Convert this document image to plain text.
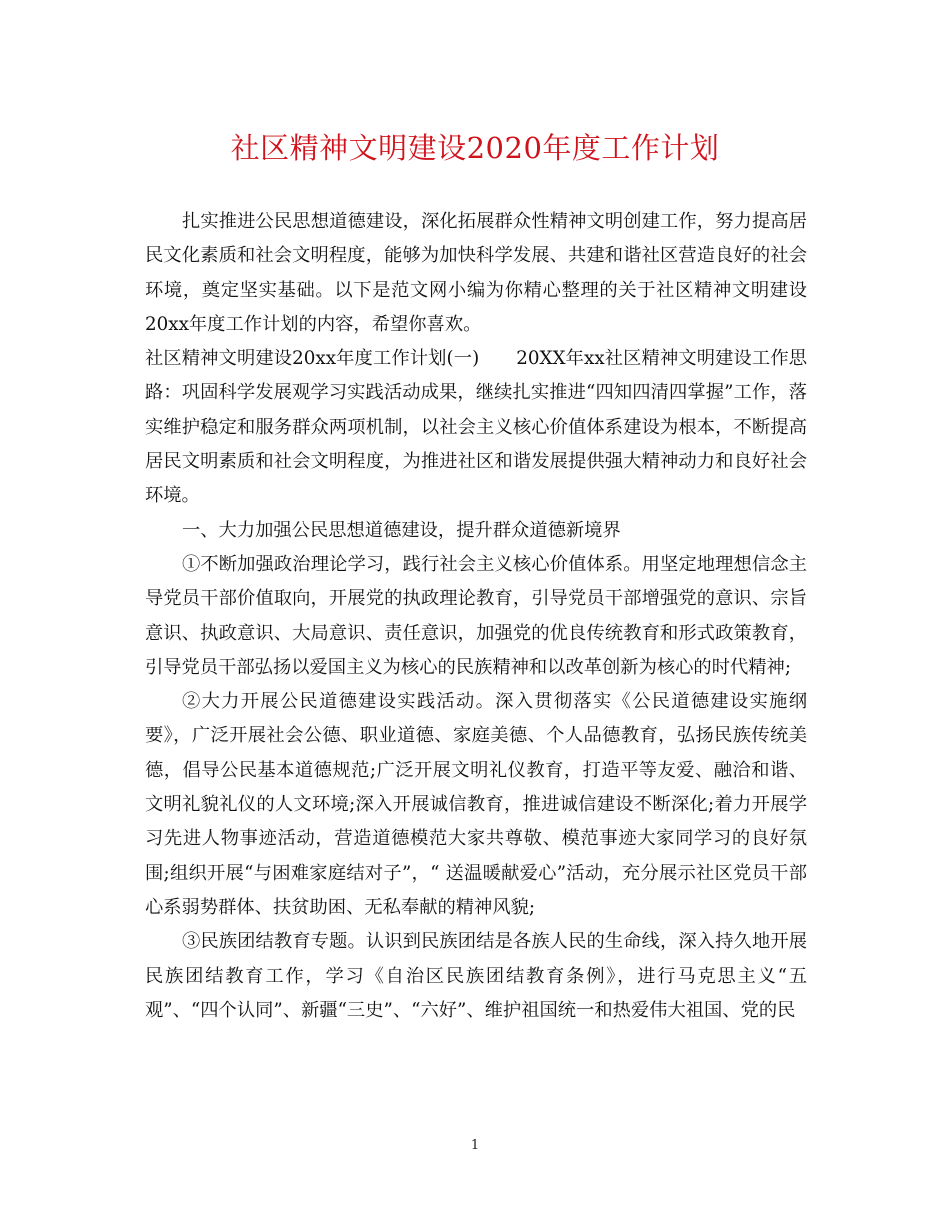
社区精神文明建设2020年度工作计划

扎实推进公民思想道德建设，深化拓展群众性精神文明创建工作，努力提高居民文化素质和社会文明程度，能够为加快科学发展、共建和谐社区营造良好的社会环境，奠定坚实基础。以下是范文网小编为你精心整理的关于社区精神文明建设20xx年度工作计划的内容，希望你喜欢。

社区精神文明建设20xx年度工作计划(一)　　20XX年xx社区精神文明建设工作思路：巩固科学发展观学习实践活动成果，继续扎实推进“四知四清四掌握”工作，落实维护稳定和服务群众两项机制，以社会主义核心价值体系建设为根本，不断提高居民文明素质和社会文明程度，为推进社区和谐发展提供强大精神动力和良好社会环境。

一、大力加强公民思想道德建设，提升群众道德新境界

①不断加强政治理论学习，践行社会主义核心价值体系。用坚定地理想信念主导党员干部价值取向，开展党的执政理论教育，引导党员干部增强党的意识、宗旨意识、执政意识、大局意识、责任意识，加强党的优良传统教育和形式政策教育，引导党员干部弘扬以爱国主义为核心的民族精神和以改革创新为核心的时代精神;

②大力开展公民道德建设实践活动。深入贯彻落实《公民道德建设实施纲要》，广泛开展社会公德、职业道德、家庭美德、个人品德教育，弘扬民族传统美德，倡导公民基本道德规范;广泛开展文明礼仪教育，打造平等友爱、融洽和谐、文明礼貌礼仪的人文环境;深入开展诚信教育，推进诚信建设不断深化;着力开展学习先进人物事迹活动，营造道德模范大家共尊敬、模范事迹大家同学习的良好氛围;组织开展“与困难家庭结对子”，“ 送温暖献爱心”活动，充分展示社区党员干部心系弱势群体、扶贫助困、无私奉献的精神风貌;

③民族团结教育专题。认识到民族团结是各族人民的生命线，深入持久地开展民族团结教育工作，学习《自治区民族团结教育条例》，进行马克思主义“五观”、“四个认同”、新疆“三史”、“六好”、维护祖国统一和热爱伟大祖国、党的民

1
